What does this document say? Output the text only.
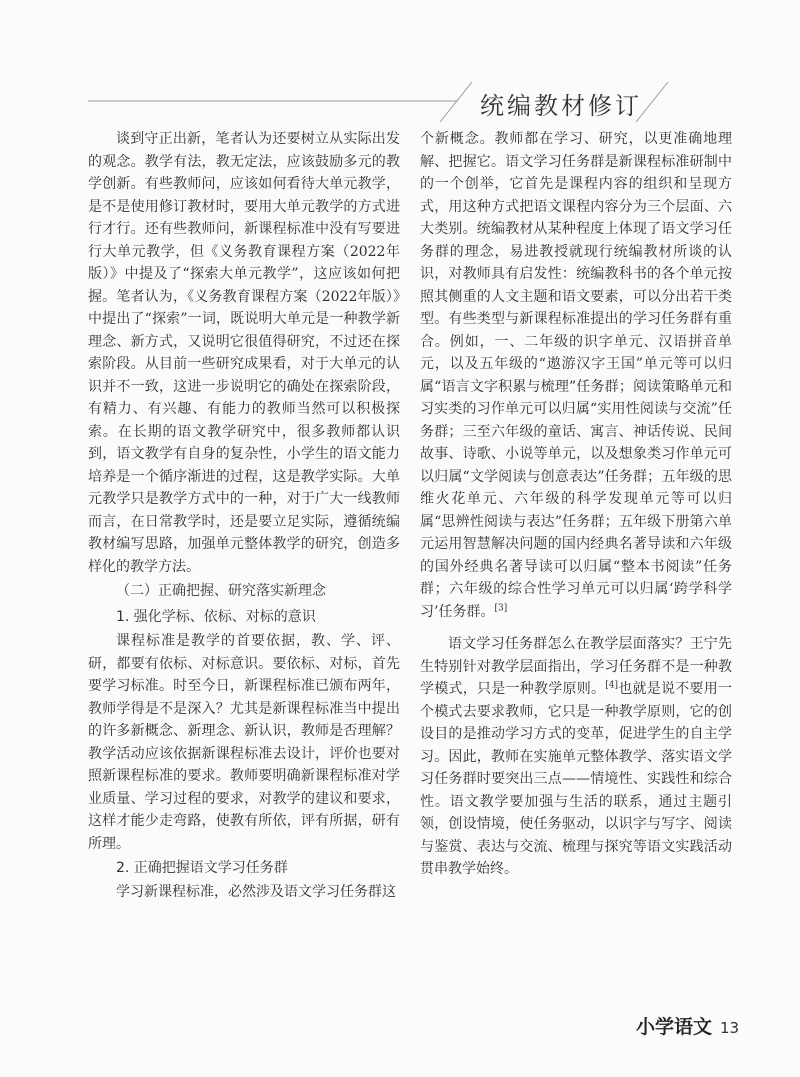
统编教材修订

谈到守正出新，笔者认为还要树立从实际出发的观念。教学有法，教无定法，应该鼓励多元的教学创新。有些教师问，应该如何看待大单元教学，是不是使用修订教材时，要用大单元教学的方式进行才行。还有些教师问，新课程标准中没有写要进行大单元教学，但《义务教育课程方案（2022年版）》中提及了“探索大单元教学”，这应该如何把握。笔者认为，《义务教育课程方案（2022年版）》中提出了“探索”一词，既说明大单元是一种教学新理念、新方式，又说明它很值得研究，不过还在探索阶段。从目前一些研究成果看，对于大单元的认识并不一致，这进一步说明它的确处在探索阶段，有精力、有兴趣、有能力的教师当然可以积极探索。在长期的语文教学研究中，很多教师都认识到，语文教学有自身的复杂性，小学生的语文能力培养是一个循序渐进的过程，这是教学实际。大单元教学只是教学方式中的一种，对于广大一线教师而言，在日常教学时，还是要立足实际，遵循统编教材编写思路，加强单元整体教学的研究，创造多样化的教学方法。

（二）正确把握、研究落实新理念

1. 强化学标、依标、对标的意识

课程标准是教学的首要依据，教、学、评、研，都要有依标、对标意识。要依标、对标，首先要学习标准。时至今日，新课程标准已颁布两年，教师学得是不是深入？尤其是新课程标准当中提出的许多新概念、新理念、新认识，教师是否理解？教学活动应该依据新课程标准去设计，评价也要对照新课程标准的要求。教师要明确新课程标准对学业质量、学习过程的要求，对教学的建议和要求，这样才能少走弯路，使教有所依，评有所据，研有所理。

2. 正确把握语文学习任务群

学习新课程标准，必然涉及语文学习任务群这

个新概念。教师都在学习、研究，以更准确地理解、把握它。语文学习任务群是新课程标准研制中的一个创举，它首先是课程内容的组织和呈现方式，用这种方式把语文课程内容分为三个层面、六大类别。统编教材从某种程度上体现了语文学习任务群的理念，易进教授就现行统编教材所谈的认识，对教师具有启发性：统编教科书的各个单元按照其侧重的人文主题和语文要素，可以分出若干类型。有些类型与新课程标准提出的学习任务群有重合。例如，一、二年级的识字单元、汉语拼音单元，以及五年级的“遨游汉字王国”单元等可以归属“语言文字积累与梳理”任务群；阅读策略单元和习实类的习作单元可以归属“实用性阅读与交流”任务群；三至六年级的童话、寓言、神话传说、民间故事、诗歌、小说等单元，以及想象类习作单元可以归属“文学阅读与创意表达”任务群；五年级的思维火花单元、六年级的科学发现单元等可以归属“思辨性阅读与表达”任务群；五年级下册第六单元运用智慧解决问题的国内经典名著导读和六年级的国外经典名著导读可以归属“整本书阅读”任务群；六年级的综合性学习单元可以归属‘跨学科学习’任务群。[3]

语文学习任务群怎么在教学层面落实？王宁先生特别针对教学层面指出，学习任务群不是一种教学模式，只是一种教学原则。[4]也就是说不要用一个模式去要求教师，它只是一种教学原则，它的创设目的是推动学习方式的变革，促进学生的自主学习。因此，教师在实施单元整体教学、落实语文学习任务群时要突出三点——情境性、实践性和综合性。语文教学要加强与生活的联系，通过主题引领，创设情境，使任务驱动，以识字与写字、阅读与鉴赏、表达与交流、梳理与探究等语文实践活动贯串教学始终。

小学语文 13
